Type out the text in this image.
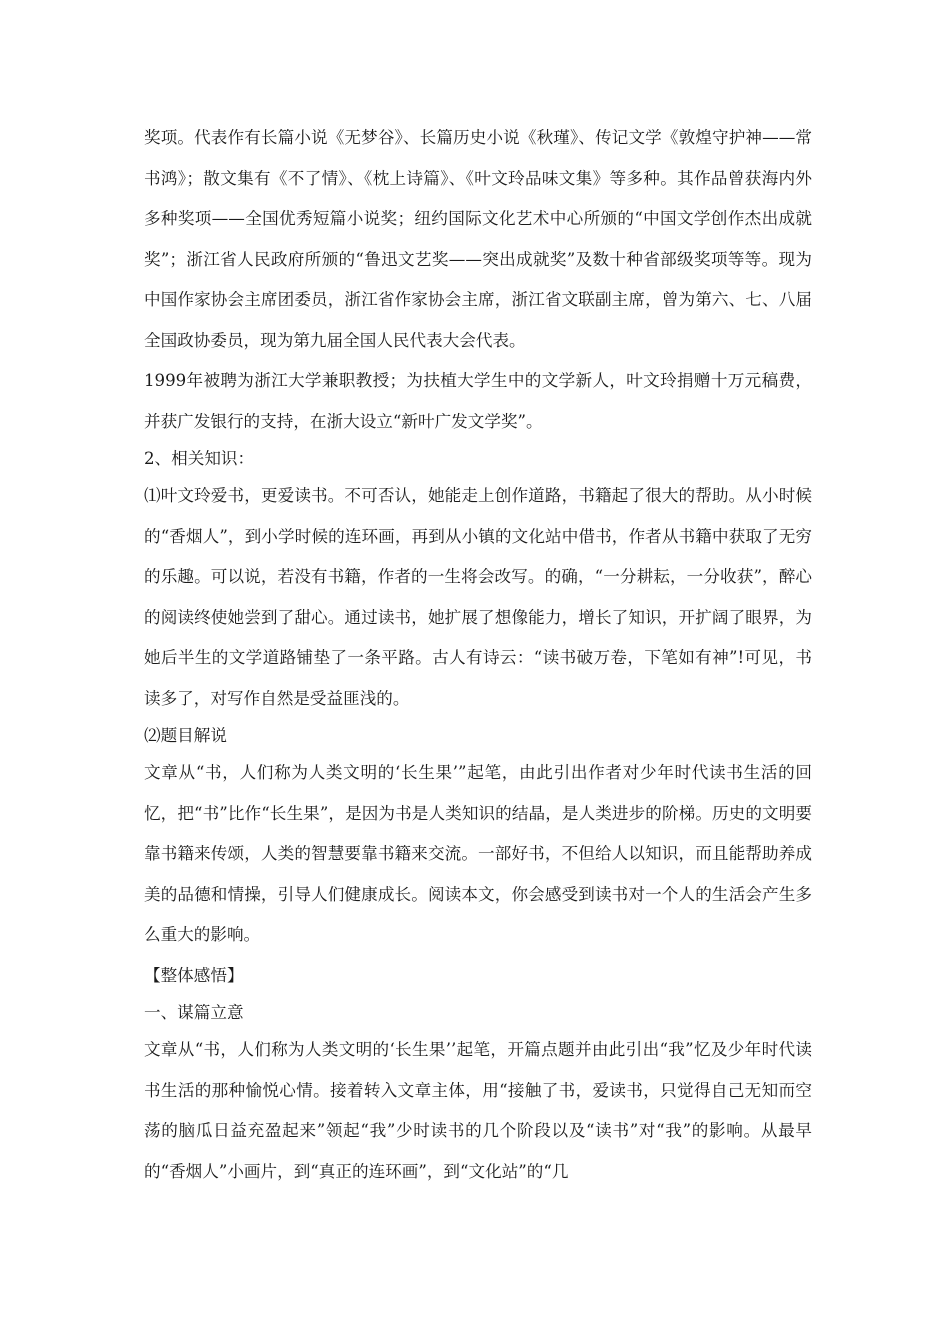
奖项。代表作有长篇小说《无梦谷》、长篇历史小说《秋瑾》、传记文学《敦煌守护神——常书鸿》；散文集有《不了情》、《枕上诗篇》、《叶文玲品味文集》等多种。其作品曾获海内外多种奖项——全国优秀短篇小说奖；纽约国际文化艺术中心所颁的“中国文学创作杰出成就奖”；浙江省人民政府所颁的“鲁迅文艺奖——突出成就奖”及数十种省部级奖项等等。现为中国作家协会主席团委员，浙江省作家协会主席，浙江省文联副主席，曾为第六、七、八届全国政协委员，现为第九届全国人民代表大会代表。

1999年被聘为浙江大学兼职教授；为扶植大学生中的文学新人，叶文玲捐赠十万元稿费，并获广发银行的支持，在浙大设立“新叶广发文学奖”。

2、相关知识：

⑴叶文玲爱书，更爱读书。不可否认，她能走上创作道路，书籍起了很大的帮助。从小时候的“香烟人”，到小学时候的连环画，再到从小镇的文化站中借书，作者从书籍中获取了无穷的乐趣。可以说，若没有书籍，作者的一生将会改写。的确，“一分耕耘，一分收获”，醉心的阅读终使她尝到了甜心。通过读书，她扩展了想像能力，增长了知识，开扩阔了眼界，为她后半生的文学道路铺垫了一条平路。古人有诗云：“读书破万卷，下笔如有神”!可见，书读多了，对写作自然是受益匪浅的。

⑵题目解说

文章从“书，人们称为人类文明的‘长生果’”起笔，由此引出作者对少年时代读书生活的回忆，把“书”比作“长生果”，是因为书是人类知识的结晶，是人类进步的阶梯。历史的文明要靠书籍来传颂，人类的智慧要靠书籍来交流。一部好书，不但给人以知识，而且能帮助养成美的品德和情操，引导人们健康成长。阅读本文，你会感受到读书对一个人的生活会产生多么重大的影响。

【整体感悟】

一、谋篇立意

文章从“书，人们称为人类文明的‘长生果’’起笔，开篇点题并由此引出“我”忆及少年时代读书生活的那种愉悦心情。接着转入文章主体，用“接触了书，爱读书，只觉得自己无知而空荡的脑瓜日益充盈起来”领起“我”少时读书的几个阶段以及“读书”对“我”的影响。从最早的“香烟人”小画片，到“真正的连环画”，到“文化站”的“几
